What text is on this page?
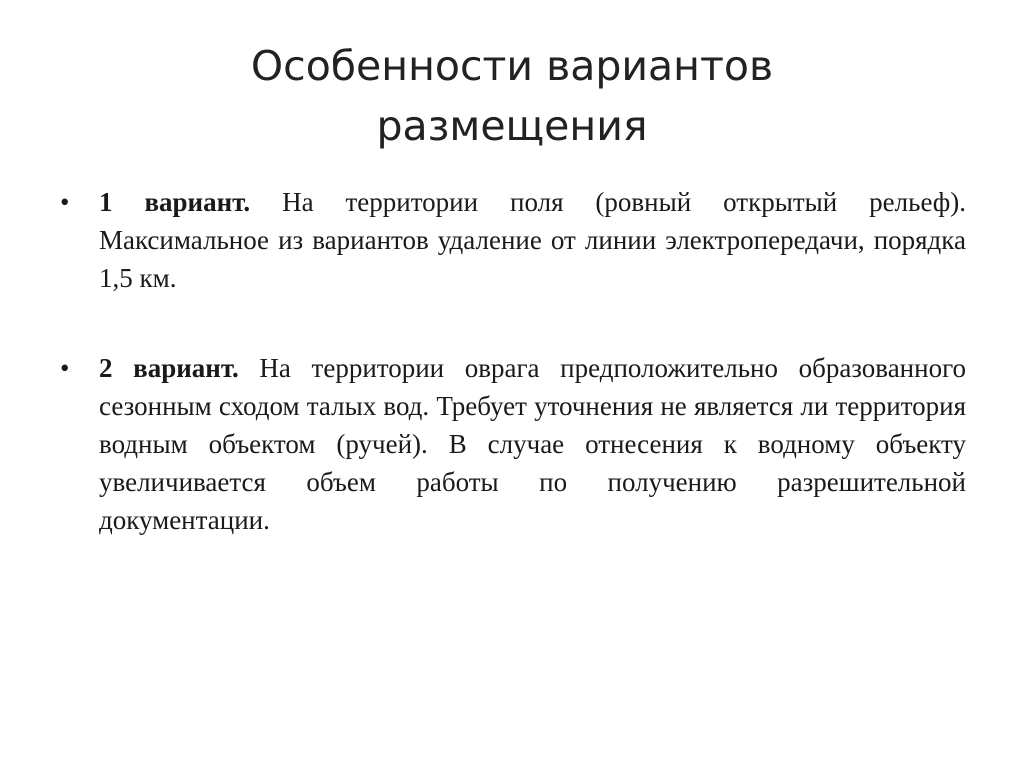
Особенности вариантов
размещения
• 1 вариант. На территории поля (ровный открытый рельеф). Максимальное из вариантов удаление от линии электропередачи, порядка 1,5 км.
• 2 вариант. На территории оврага предположительно образованного сезонным сходом талых вод. Требует уточнения не является ли территория водным объектом (ручей). В случае отнесения к водному объекту увеличивается объем работы по получению разрешительной документации.
